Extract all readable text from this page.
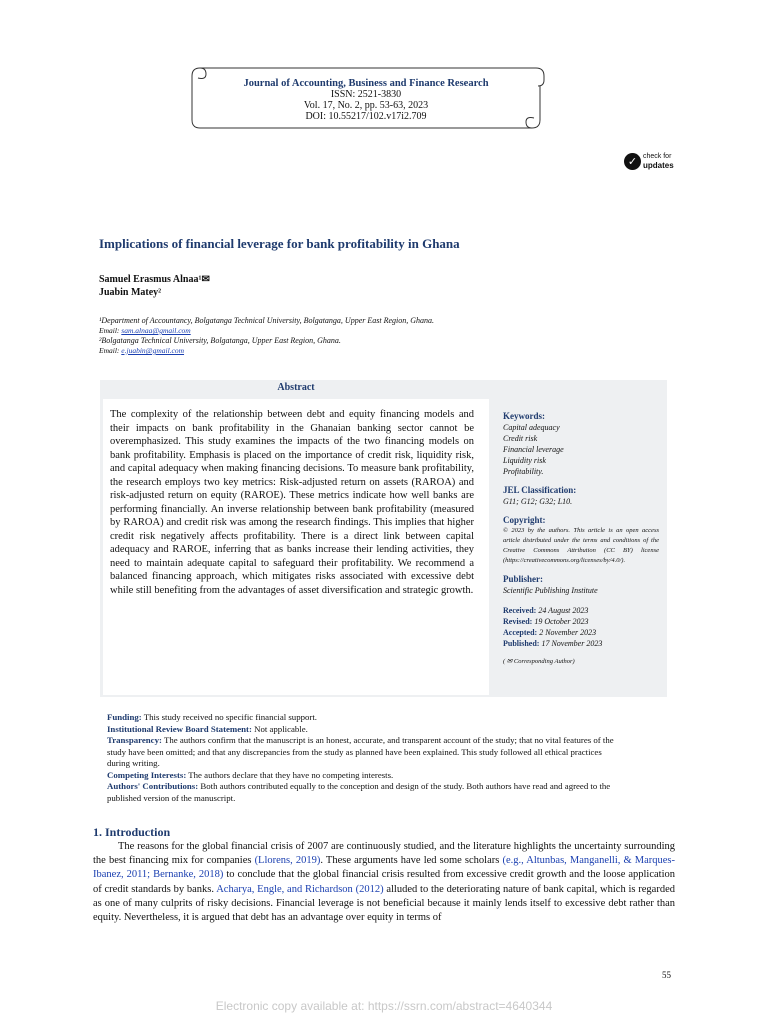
Journal of Accounting, Business and Finance Research
ISSN: 2521-3830
Vol. 17, No. 2, pp. 53-63, 2023
DOI: 10.55217/102.v17i2.709
✓ check for
updates
Implications of financial leverage for bank profitability in Ghana
Samuel Erasmus Alnaa¹✉
Juabin Matey²
¹Department of Accountancy, Bolgatanga Technical University, Bolgatanga, Upper East Region, Ghana.
Email: sam.alnaa@gmail.com
²Bolgatanga Technical University, Bolgatanga, Upper East Region, Ghana.
Email: e.juabin@gmail.com
Abstract
The complexity of the relationship between debt and equity financing models and their impacts on bank profitability in the Ghanaian banking sector cannot be overemphasized. This study examines the impacts of the two financing models on bank profitability. Emphasis is placed on the importance of credit risk, liquidity risk, and capital adequacy when making financing decisions. To measure bank profitability, the research employs two key metrics: Risk-adjusted return on assets (RAROA) and risk-adjusted return on equity (RAROE). These metrics indicate how well banks are performing financially. An inverse relationship between bank profitability (measured by RAROA) and credit risk was among the research findings. This implies that higher credit risk negatively affects profitability. There is a direct link between capital adequacy and RAROE, inferring that as banks increase their lending activities, they need to maintain adequate capital to safeguard their profitability. We recommend a balanced financing approach, which mitigates risks associated with excessive debt while still benefiting from the advantages of asset diversification and strategic growth.
Keywords:
Capital adequacy
Credit risk
Financial leverage
Liquidity risk
Profitability.
JEL Classification:
G11; G12; G32; L10.
Copyright:
© 2023 by the authors. This article is an open access article distributed under the terms and conditions of the Creative Commons Attribution (CC BY) license (https://creativecommons.org/licenses/by/4.0/).
Publisher:
Scientific Publishing Institute
Received: 24 August 2023
Revised: 19 October 2023
Accepted: 2 November 2023
Published: 17 November 2023
( ✉ Corresponding Author)
Funding: This study received no specific financial support.
Institutional Review Board Statement: Not applicable.
Transparency: The authors confirm that the manuscript is an honest, accurate, and transparent account of the study; that no vital features of the study have been omitted; and that any discrepancies from the study as planned have been explained. This study followed all ethical practices during writing.
Competing Interests: The authors declare that they have no competing interests.
Authors' Contributions: Both authors contributed equally to the conception and design of the study. Both authors have read and agreed to the published version of the manuscript.
1. Introduction
The reasons for the global financial crisis of 2007 are continuously studied, and the literature highlights the uncertainty surrounding the best financing mix for companies (Llorens, 2019). These arguments have led some scholars (e.g., Altunbas, Manganelli, & Marques-Ibanez, 2011; Bernanke, 2018) to conclude that the global financial crisis resulted from excessive credit growth and the loose application of credit standards by banks. Acharya, Engle, and Richardson (2012) alluded to the deteriorating nature of bank capital, which is regarded as one of many culprits of risky decisions. Financial leverage is not beneficial because it mainly lends itself to excessive debt rather than equity. Nevertheless, it is argued that debt has an advantage over equity in terms of
55
Electronic copy available at: https://ssrn.com/abstract=4640344
